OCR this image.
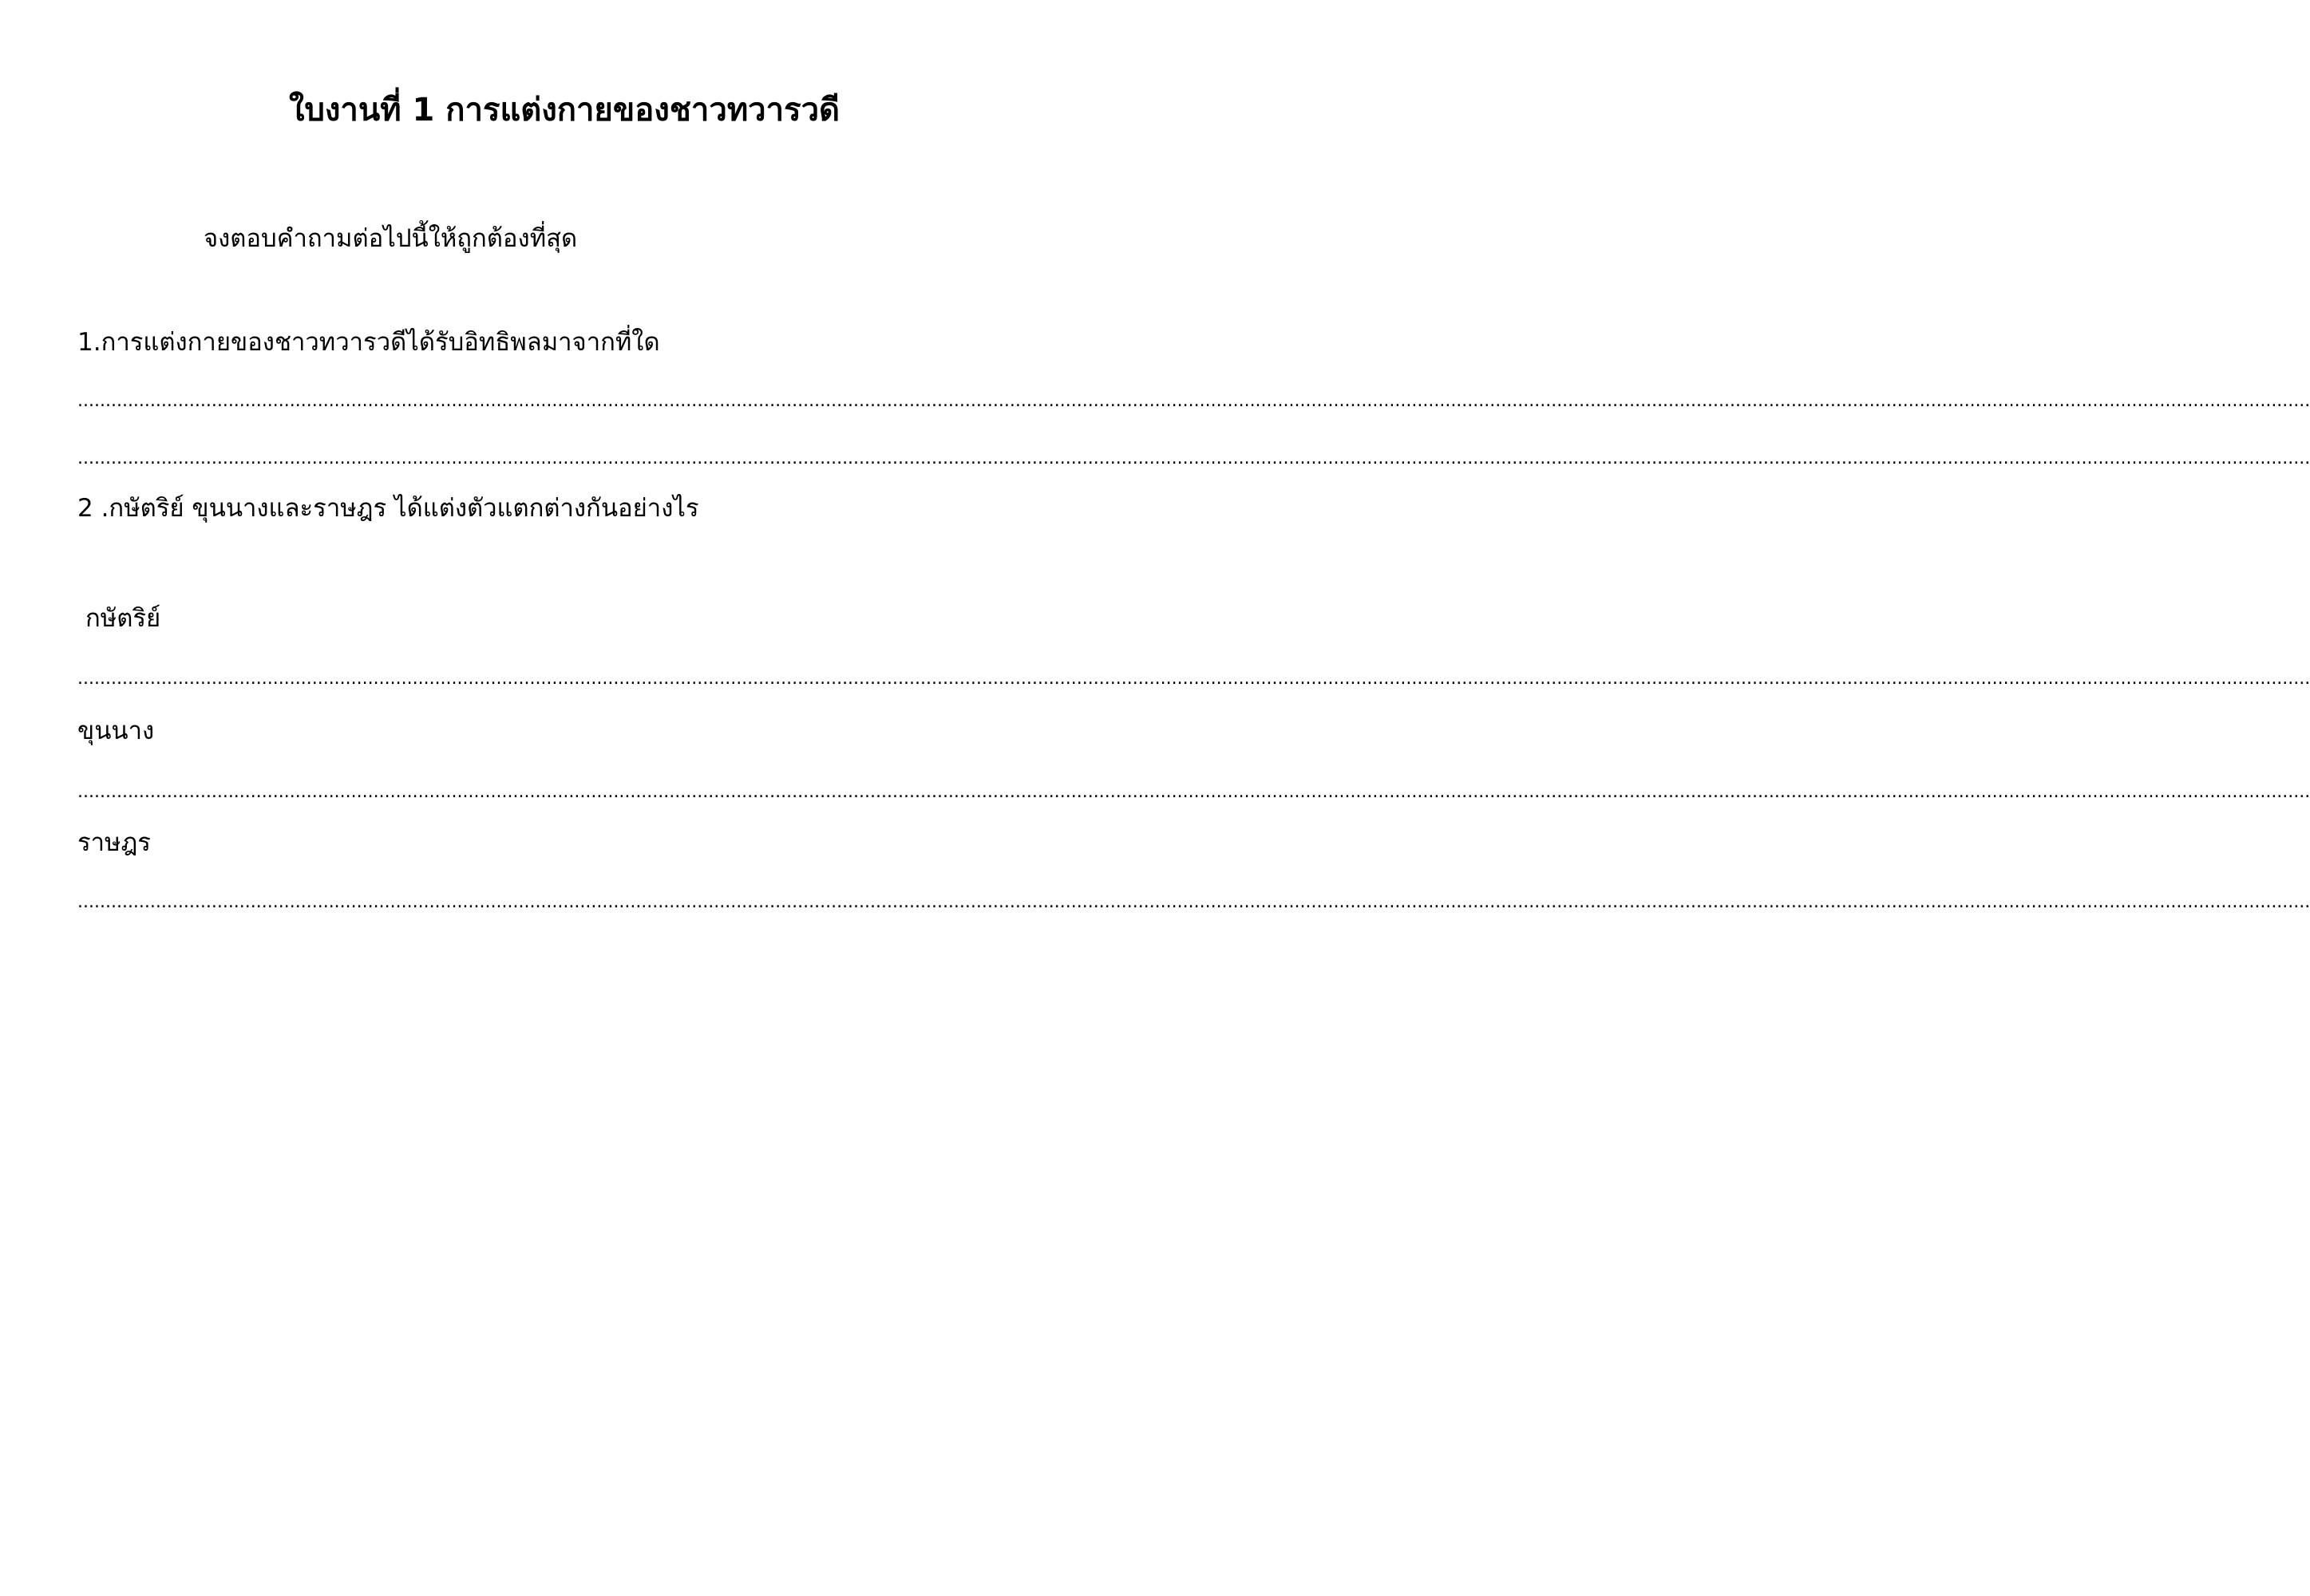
ใบงานที่ 1 การแต่งกายของชาวทวารวดี
จงตอบคำถามต่อไปนี้ให้ถูกต้องที่สุด
1.การแต่งกายของชาวทวารวดีได้รับอิทธิพลมาจากที่ใด
................................................................................................................................................................................................................................................................................................................................................................................................................
................................................................................................................................................................................................................................................................................................................................................................................................................
2 .กษัตริย์ ขุนนางและราษฎร ได้แต่งตัวแตกต่างกันอย่างไร
กษัตริย์
................................................................................................................................................................................................................................................................................................................................................................................................................
ขุนนาง
................................................................................................................................................................................................................................................................................................................................................................................................................
ราษฎร
................................................................................................................................................................................................................................................................................................................................................................................................................
